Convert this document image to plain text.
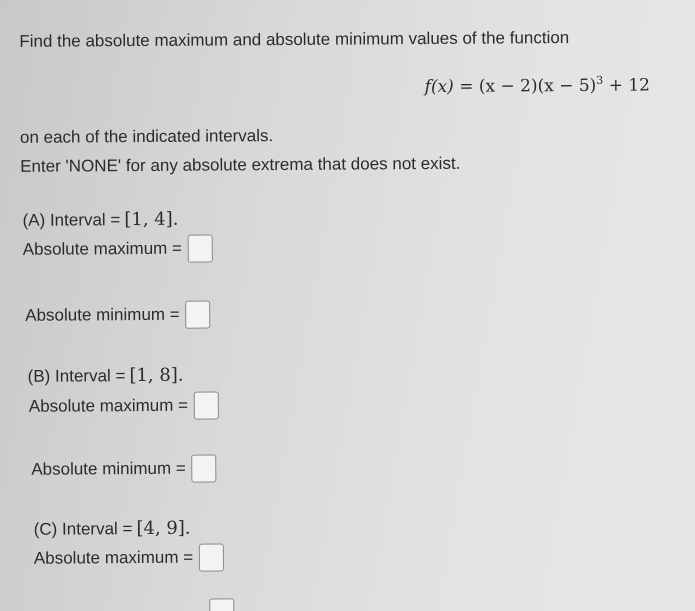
Find the absolute maximum and absolute minimum values of the function
$f(x) = (x - 2)(x - 5)^3 + 12$
on each of the indicated intervals.
Enter 'NONE' for any absolute extrema that does not exist.
(A) Interval = [1, 4].
Absolute maximum =
Absolute minimum =
(B) Interval = [1, 8].
Absolute maximum =
Absolute minimum =
(C) Interval = [4, 9].
Absolute maximum =
